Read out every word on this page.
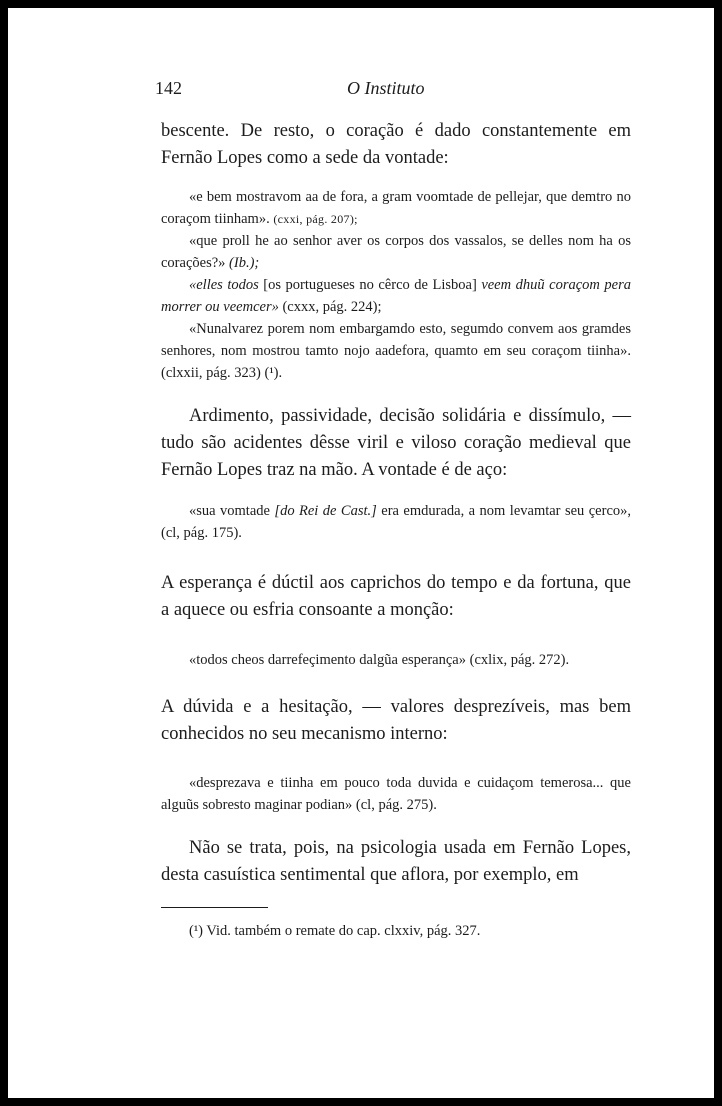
142	O Instituto
bescente. De resto, o coração é dado constantemente em Fernão Lopes como a sede da vontade:
«e bem mostravom aa de fora, a gram voomtade de pellejar, que demtro no coraçom tiinham». (cxxi, pág. 207);
«que proll he ao senhor aver os corpos dos vassalos, se delles nom ha os corações?» (Ib.);
«elles todos [os portugueses no cêrco de Lisboa] veem dhuũ coraçom pera morrer ou veemcer» (cxxx, pág. 224);
«Nunalvarez porem nom embargamdo esto, segumdo convem aos gramdes senhores, nom mostrou tamto nojo aadefora, quamto em seu coraçom tiinha». (clxxii, pág. 323) (¹).
Ardimento, passividade, decisão solidária e dissímulo, — tudo são acidentes dêsse viril e viloso coração medieval que Fernão Lopes traz na mão. A vontade é de aço:
«sua vomtade [do Rei de Cast.] era emdurada, a nom levamtar seu çerco», (cl, pág. 175).
A esperança é dúctil aos caprichos do tempo e da fortuna, que a aquece ou esfria consoante a monção:
«todos cheos darrefeçimento dalgũa esperança» (cxlix, pág. 272).
A dúvida e a hesitação, — valores desprezíveis, mas bem conhecidos no seu mecanismo interno:
«desprezava e tiinha em pouco toda duvida e cuidaçom temerosa... que alguũs sobresto maginar podian» (cl, pág. 275).
Não se trata, pois, na psicologia usada em Fernão Lopes, desta casuística sentimental que aflora, por exemplo, em
(¹) Vid. também o remate do cap. clxxiv, pág. 327.
